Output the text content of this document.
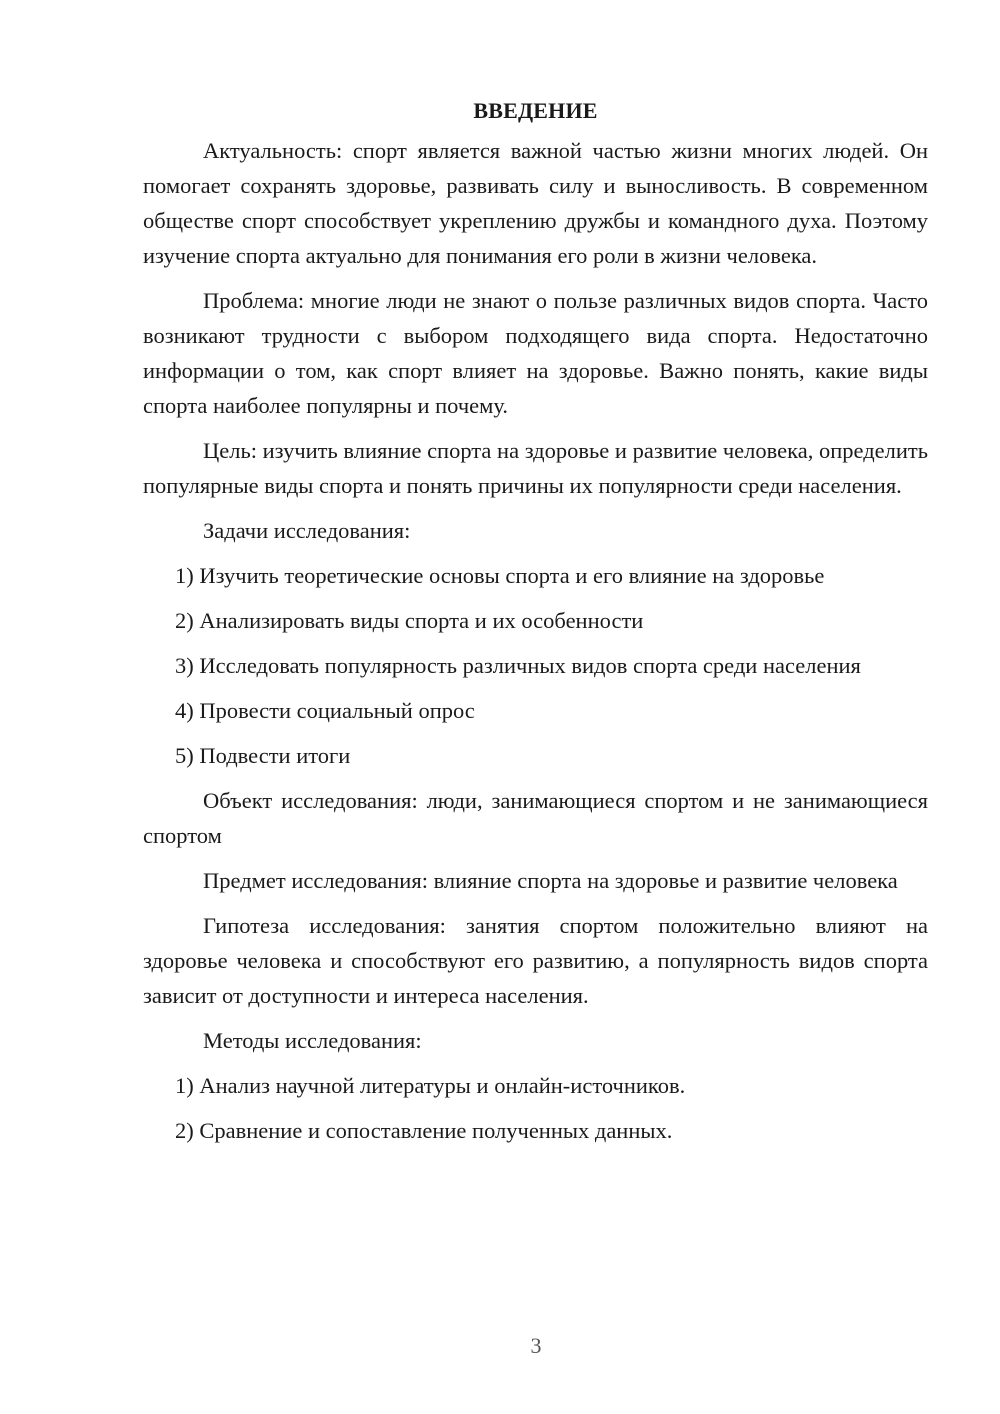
ВВЕДЕНИЕ

Актуальность: спорт является важной частью жизни многих людей. Он помогает сохранять здоровье, развивать силу и выносливость. В современном обществе спорт способствует укреплению дружбы и командного духа. Поэтому изучение спорта актуально для понимания его роли в жизни человека.

Проблема: многие люди не знают о пользе различных видов спорта. Часто возникают трудности с выбором подходящего вида спорта. Недостаточно информации о том, как спорт влияет на здоровье. Важно понять, какие виды спорта наиболее популярны и почему.

Цель: изучить влияние спорта на здоровье и развитие человека, определить популярные виды спорта и понять причины их популярности среди населения.

Задачи исследования:

1) Изучить теоретические основы спорта и его влияние на здоровье

2) Анализировать виды спорта и их особенности

3) Исследовать популярность различных видов спорта среди населения

4) Провести социальный опрос

5) Подвести итоги

Объект исследования: люди, занимающиеся спортом и не занимающиеся спортом

Предмет исследования: влияние спорта на здоровье и развитие человека

Гипотеза исследования: занятия спортом положительно влияют на здоровье человека и способствуют его развитию, а популярность видов спорта зависит от доступности и интереса населения.

Методы исследования:

1) Анализ научной литературы и онлайн-источников.

2) Сравнение и сопоставление полученных данных.

3
